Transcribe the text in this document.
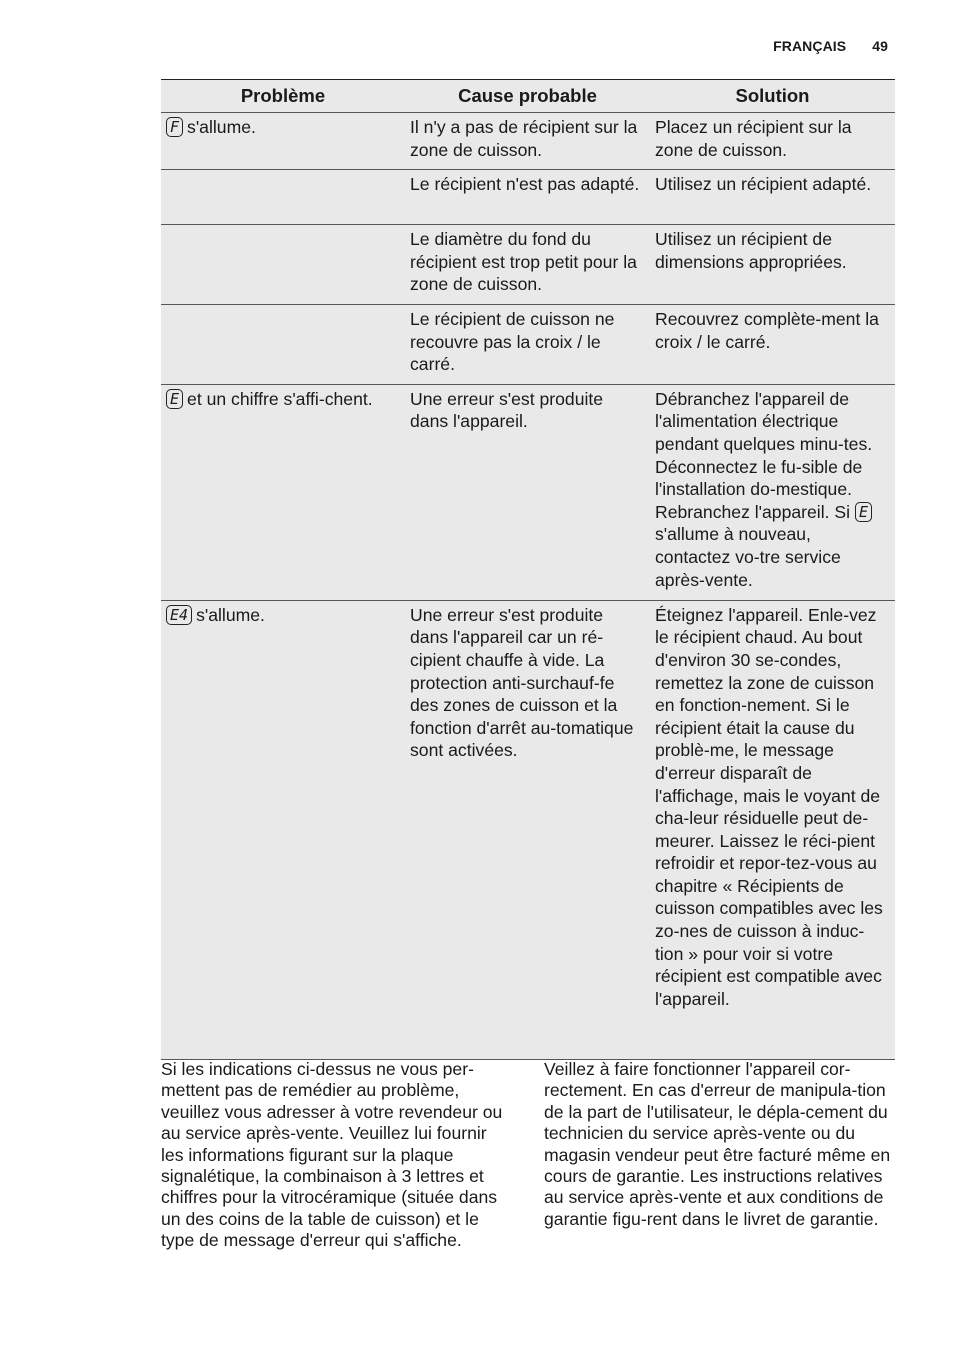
FRANÇAIS 49
Problème	Cause probable	Solution
F s'allume.	Il n'y a pas de récipient sur la zone de cuisson.	Placez un récipient sur la zone de cuisson.
	Le récipient n'est pas adapté.	Utilisez un récipient adapté.
	Le diamètre du fond du récipient est trop petit pour la zone de cuisson.	Utilisez un récipient de dimensions appropriées.
	Le récipient de cuisson ne recouvre pas la croix / le carré.	Recouvrez complète-ment la croix / le carré.
E et un chiffre s'affi-chent.	Une erreur s'est produite dans l'appareil.	Débranchez l'appareil de l'alimentation électrique pendant quelques minu-tes. Déconnectez le fu-sible de l'installation do-mestique. Rebranchez l'appareil. Si Es'allume à nouveau, contactez vo-tre service après-vente.
E4 s'allume.	Une erreur s'est produite dans l'appareil car un ré-cipient chauffe à vide. La protection anti-surchauf-fe des zones de cuisson et la fonction d'arrêt au-tomatique sont activées.	Éteignez l'appareil. Enle-vez le récipient chaud. Au bout d'environ 30 se-condes, remettez la zone de cuisson en fonction-nement. Si le récipient était la cause du problè-me, le message d'erreur disparaît de l'affichage, mais le voyant de cha-leur résiduelle peut de-meurer. Laissez le réci-pient refroidir et repor-tez-vous au chapitre « Récipients de cuisson compatibles avec les zo-nes de cuisson à induc-tion » pour voir si votre récipient est compatible avec l'appareil.
Si les indications ci-dessus ne vous per-mettent pas de remédier au problème, veuillez vous adresser à votre revendeur ou au service après-vente. Veuillez lui fournir les informations figurant sur la plaque signalétique, la combinaison à 3 lettres et chiffres pour la vitrocéramique (située dans un des coins de la table de cuisson) et le type de message d'erreur qui s'affiche.
Veillez à faire fonctionner l'appareil cor-rectement. En cas d'erreur de manipula-tion de la part de l'utilisateur, le dépla-cement du technicien du service après-vente ou du magasin vendeur peut être facturé même en cours de garantie. Les instructions relatives au service après-vente et aux conditions de garantie figu-rent dans le livret de garantie.
